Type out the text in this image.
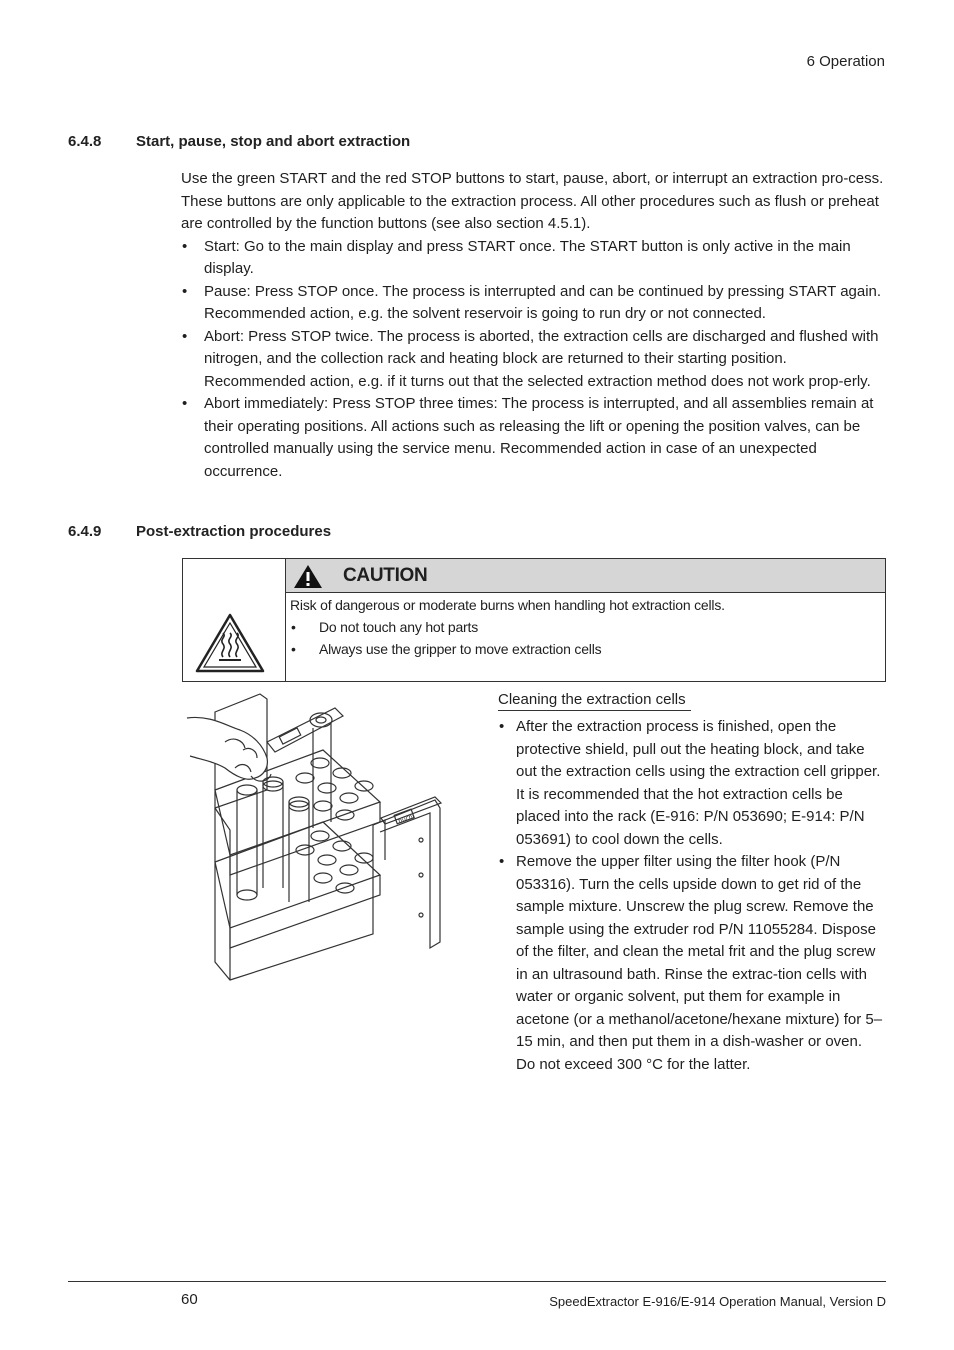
6 Operation
6.4.8 Start, pause, stop and abort extraction

Use the green START and the red STOP buttons to start, pause, abort, or interrupt an extraction pro-cess. These buttons are only applicable to the extraction process. All other procedures such as flush or preheat are controlled by the function buttons (see also section 4.5.1).

• Start: Go to the main display and press START once. The START button is only active in the main display.
• Pause: Press STOP once. The process is interrupted and can be continued by pressing START again. Recommended action, e.g. the solvent reservoir is going to run dry or not connected.
• Abort: Press STOP twice. The process is aborted, the extraction cells are discharged and flushed with nitrogen, and the collection rack and heating block are returned to their starting position. Recommended action, e.g. if it turns out that the selected extraction method does not work prop-erly.
• Abort immediately: Press STOP three times: The process is interrupted, and all assemblies remain at their operating positions. All actions such as releasing the lift or opening the position valves, can be controlled manually using the service menu. Recommended action in case of an unexpected occurrence.
6.4.9 Post-extraction procedures
CAUTION
Risk of dangerous or moderate burns when handling hot extraction cells.
• Do not touch any hot parts
• Always use the gripper to move extraction cells
büchi
Cleaning the extraction cells
• After the extraction process is finished, open the protective shield, pull out the heating block, and take out the extraction cells using the extraction cell gripper. It is recommended that the hot extraction cells be placed into the rack (E-916: P/N 053690; E-914: P/N 053691) to cool down the cells.
• Remove the upper filter using the filter hook (P/N 053316). Turn the cells upside down to get rid of the sample mixture. Unscrew the plug screw. Remove the sample using the extruder rod P/N 11055284. Dispose of the filter, and clean the metal frit and the plug screw in an ultrasound bath. Rinse the extrac-tion cells with water or organic solvent, put them for example in acetone (or a methanol/acetone/hexane mixture) for 5–15 min, and then put them in a dish-washer or oven. Do not exceed 300 °C for the latter.
60	SpeedExtractor E-916/E-914 Operation Manual, Version D
